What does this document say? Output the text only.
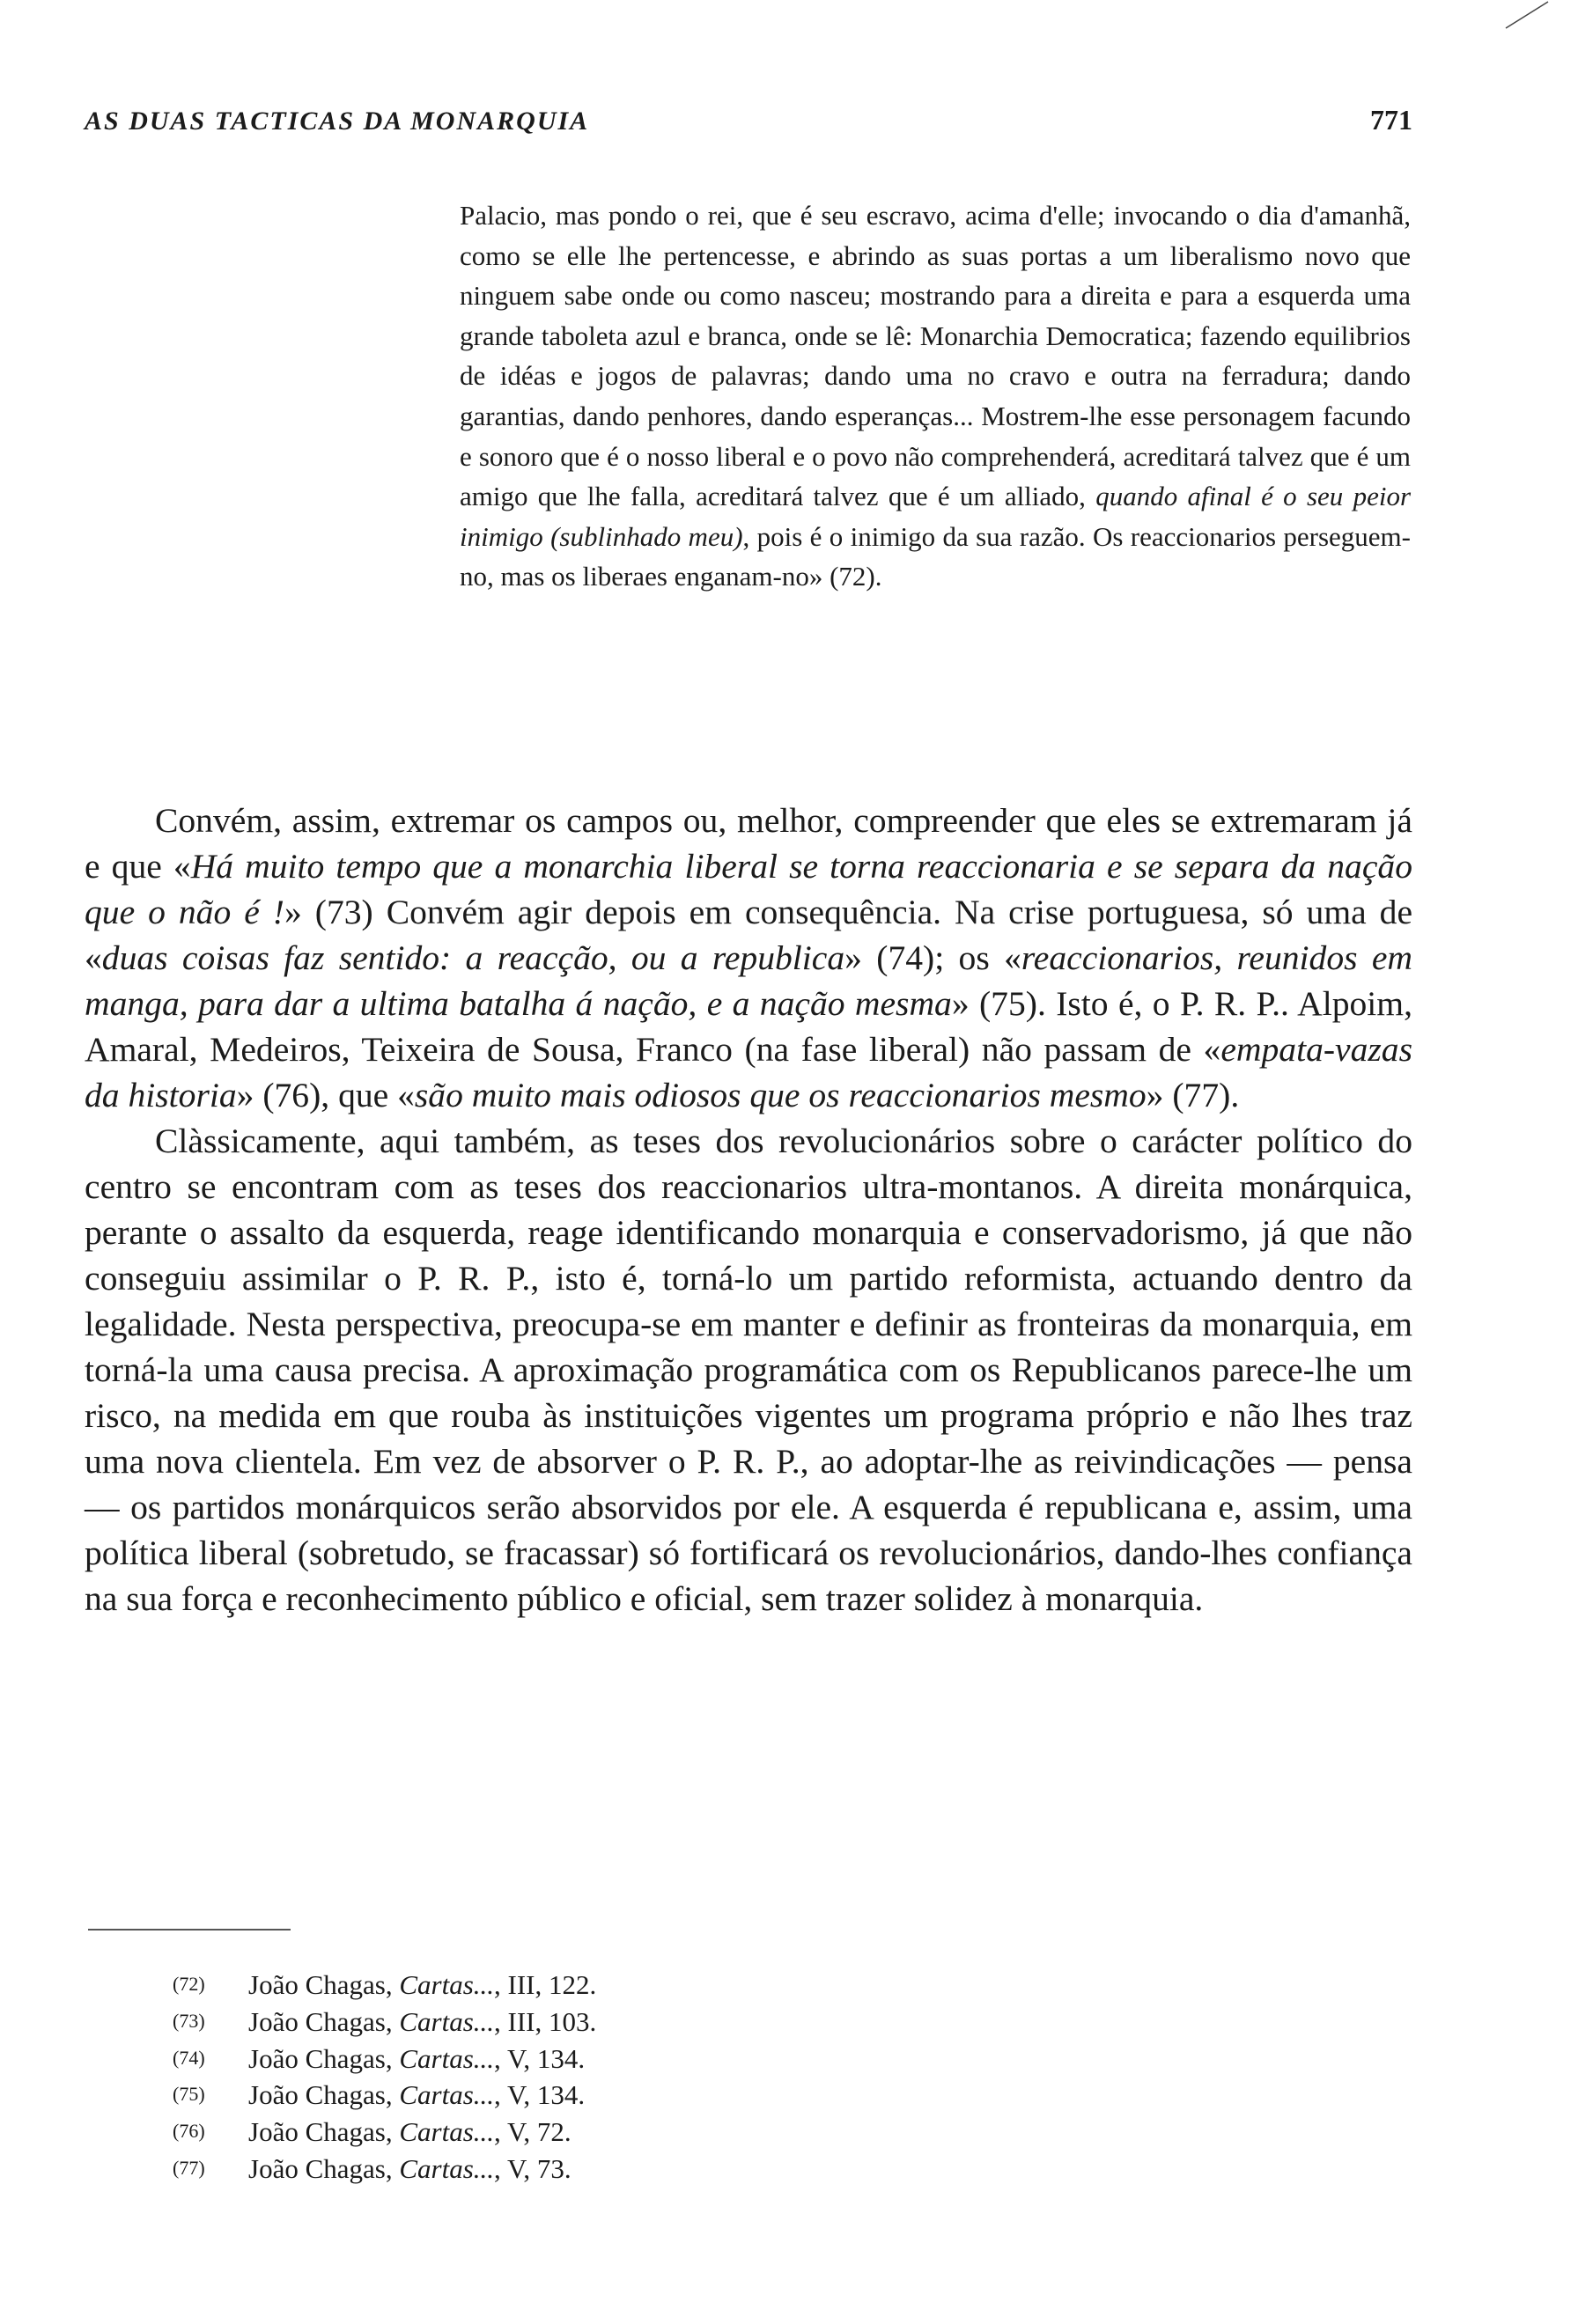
AS DUAS TACTICAS DA MONARQUIA	771
Palacio, mas pondo o rei, que é seu escravo, acima d'elle; invocando o dia d'amanhã, como se elle lhe pertencesse, e abrindo as suas portas a um liberalismo novo que ninguem sabe onde ou como nasceu; mostrando para a direita e para a esquerda uma grande taboleta azul e branca, onde se lê: Monarchia Democratica; fazendo equilibrios de idéas e jogos de palavras; dando uma no cravo e outra na ferradura; dando garantias, dando penhores, dando esperanças... Mostrem-lhe esse personagem facundo e sonoro que é o nosso liberal e o povo não comprehenderá, acreditará talvez que é um amigo que lhe falla, acreditará talvez que é um alliado, quando afinal é o seu peior inimigo (sublinhado meu), pois é o inimigo da sua razão. Os reaccionarios perseguem-no, mas os liberaes enganam-no» (72).

Convém, assim, extremar os campos ou, melhor, compreender que eles se extremaram já e que «Há muito tempo que a monarchia liberal se torna reaccionaria e se separa da nação que o não é !» (73) Convém agir depois em consequência. Na crise portuguesa, só uma de «duas coisas faz sentido: a reacção, ou a republica» (74); os «reaccionarios, reunidos em manga, para dar a ultima batalha á nação, e a nação mesma» (75). Isto é, o P. R. P.. Alpoim, Amaral, Medeiros, Teixeira de Sousa, Franco (na fase liberal) não passam de «empata-vazas da historia» (76), que «são muito mais odiosos que os reaccionarios mesmo» (77).

Clàssicamente, aqui também, as teses dos revolucionários sobre o carácter político do centro se encontram com as teses dos reaccionarios ultra-montanos. A direita monárquica, perante o assalto da esquerda, reage identificando monarquia e conservadorismo, já que não conseguiu assimilar o P. R. P., isto é, torná-lo um partido reformista, actuando dentro da legalidade. Nesta perspectiva, preocupa-se em manter e definir as fronteiras da monarquia, em torná-la uma causa precisa. A aproximação programática com os Republicanos parece-lhe um risco, na medida em que rouba às instituições vigentes um programa próprio e não lhes traz uma nova clientela. Em vez de absorver o P. R. P., ao adoptar-lhe as reivindicações — pensa — os partidos monárquicos serão absorvidos por ele. A esquerda é republicana e, assim, uma política liberal (sobretudo, se fracassar) só fortificará os revolucionários, dando-lhes confiança na sua força e reconhecimento público e oficial, sem trazer solidez à monarquia.

(72) João Chagas, Cartas..., III, 122.
(73) João Chagas, Cartas..., III, 103.
(74) João Chagas, Cartas..., V, 134.
(75) João Chagas, Cartas..., V, 134.
(76) João Chagas, Cartas..., V, 72.
(77) João Chagas, Cartas..., V, 73.
